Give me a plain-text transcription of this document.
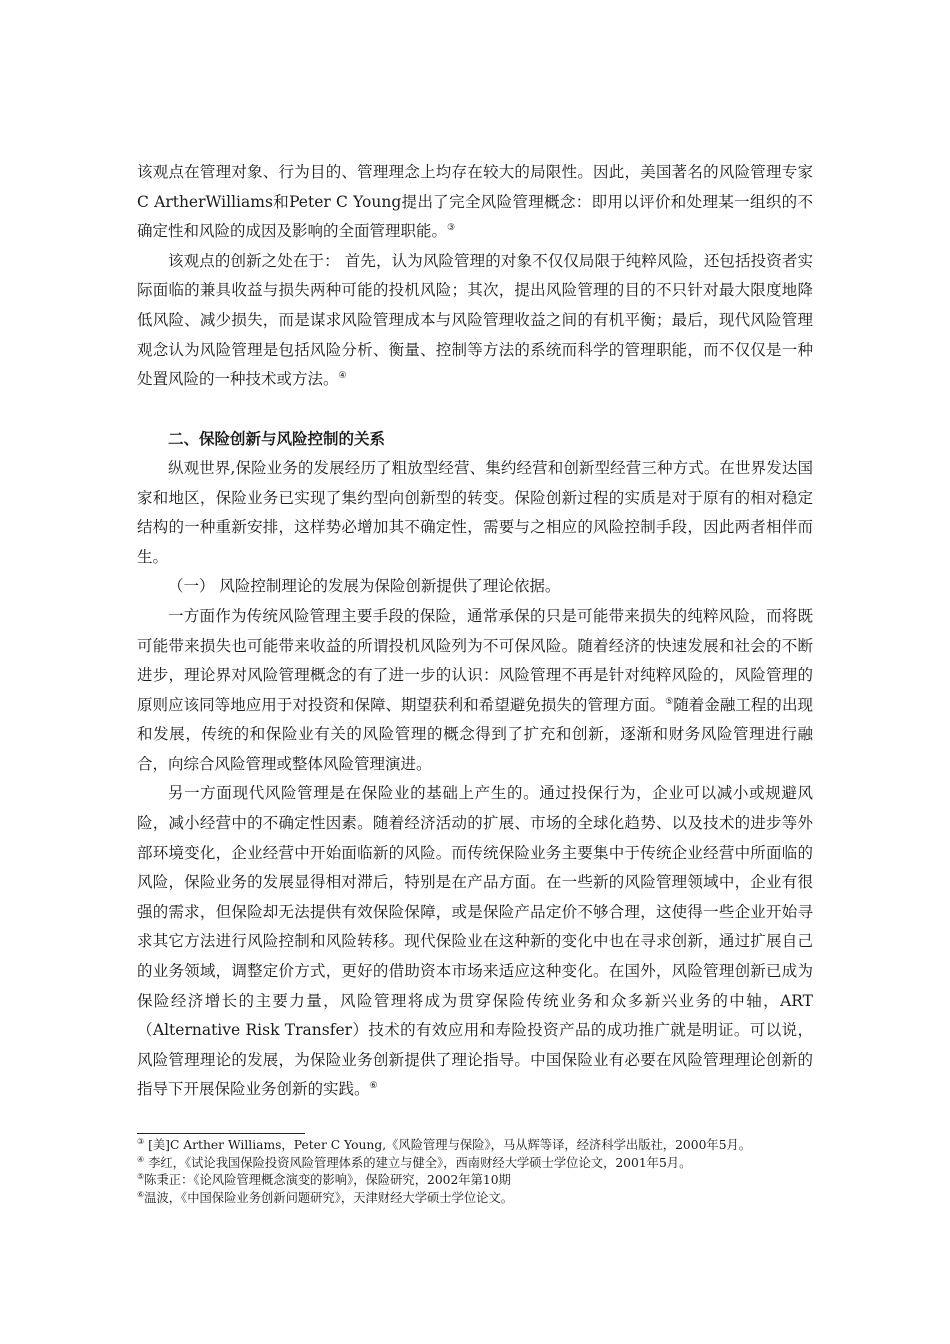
该观点在管理对象、行为目的、管理理念上均存在较大的局限性。因此，美国著名的风险管理专家C ArtherWilliams和Peter C Young提出了完全风险管理概念：即用以评价和处理某一组织的不确定性和风险的成因及影响的全面管理职能。③

该观点的创新之处在于： 首先，认为风险管理的对象不仅仅局限于纯粹风险，还包括投资者实际面临的兼具收益与损失两种可能的投机风险；其次，提出风险管理的目的不只针对最大限度地降低风险、减少损失，而是谋求风险管理成本与风险管理收益之间的有机平衡；最后，现代风险管理观念认为风险管理是包括风险分析、衡量、控制等方法的系统而科学的管理职能，而不仅仅是一种处置风险的一种技术或方法。④

二、保险创新与风险控制的关系

纵观世界,保险业务的发展经历了粗放型经营、集约经营和创新型经营三种方式。在世界发达国家和地区，保险业务已实现了集约型向创新型的转变。保险创新过程的实质是对于原有的相对稳定结构的一种重新安排，这样势必增加其不确定性，需要与之相应的风险控制手段，因此两者相伴而生。

（一） 风险控制理论的发展为保险创新提供了理论依据。

一方面作为传统风险管理主要手段的保险，通常承保的只是可能带来损失的纯粹风险，而将既可能带来损失也可能带来收益的所谓投机风险列为不可保风险。随着经济的快速发展和社会的不断进步，理论界对风险管理概念的有了进一步的认识：风险管理不再是针对纯粹风险的，风险管理的原则应该同等地应用于对投资和保障、期望获利和希望避免损失的管理方面。⑤随着金融工程的出现和发展，传统的和保险业有关的风险管理的概念得到了扩充和创新，逐渐和财务风险管理进行融合，向综合风险管理或整体风险管理演进。

另一方面现代风险管理是在保险业的基础上产生的。通过投保行为，企业可以减小或规避风险，减小经营中的不确定性因素。随着经济活动的扩展、市场的全球化趋势、以及技术的进步等外部环境变化，企业经营中开始面临新的风险。而传统保险业务主要集中于传统企业经营中所面临的风险，保险业务的发展显得相对滞后，特别是在产品方面。在一些新的风险管理领域中，企业有很强的需求，但保险却无法提供有效保险保障，或是保险产品定价不够合理，这使得一些企业开始寻求其它方法进行风险控制和风险转移。现代保险业在这种新的变化中也在寻求创新，通过扩展自己的业务领域，调整定价方式，更好的借助资本市场来适应这种变化。在国外，风险管理创新已成为保险经济增长的主要力量，风险管理将成为贯穿保险传统业务和众多新兴业务的中轴，ART（Alternative Risk Transfer）技术的有效应用和寿险投资产品的成功推广就是明证。可以说，风险管理理论的发展，为保险业务创新提供了理论指导。中国保险业有必要在风险管理理论创新的指导下开展保险业务创新的实践。⑥

③ [美]C Arther Williams，Peter C Young,《风险管理与保险》，马从辉等译，经济科学出版社，2000年5月。

④ 李红，《试论我国保险投资风险管理体系的建立与健全》，西南财经大学硕士学位论文，2001年5月。

⑤陈秉正：《论风险管理概念演变的影响》，保险研究，2002年第10期

⑥温波，《中国保险业务创新问题研究》，天津财经大学硕士学位论文。
